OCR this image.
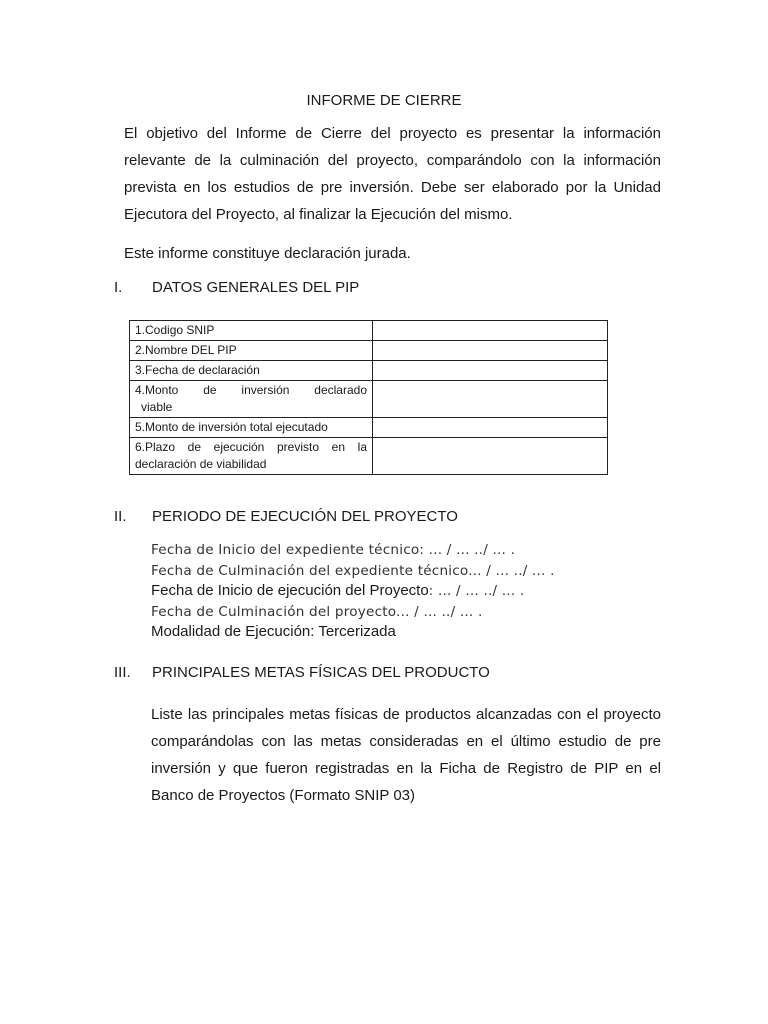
INFORME DE CIERRE
El objetivo del Informe de Cierre del proyecto es presentar la información
relevante de la culminación del proyecto, comparándolo con la información
prevista en los estudios de pre inversión. Debe ser elaborado por la Unidad
Ejecutora del Proyecto, al finalizar la Ejecución del mismo.
Este informe constituye declaración jurada.
I. DATOS GENERALES DEL PIP
1.Codigo SNIP	
2.Nombre DEL PIP	
3.Fecha de declaración	
4.Monto de inversión declarado
viable	

5.Monto de inversión total ejecutado	
6.Plazo de ejecución previsto en la
declaración de viabilidad	

II. PERIODO DE EJECUCIÓN DEL PROYECTO
Fecha de Inicio del expediente técnico: ... / ... ../ ... .
Fecha de Culminación del expediente técnico... / ... ../ ... .
Fecha de Inicio de ejecución del Proyecto: ... / ... ../ ... .
Fecha de Culminación del proyecto... / ... ../ ... .
Modalidad de Ejecución: Tercerizada
III. PRINCIPALES METAS FÍSICAS DEL PRODUCTO
Liste las principales metas físicas de productos alcanzadas con el proyecto
comparándolas con las metas consideradas en el último estudio de pre
inversión y que fueron registradas en la Ficha de Registro de PIP en el
Banco de Proyectos (Formato SNIP 03)
